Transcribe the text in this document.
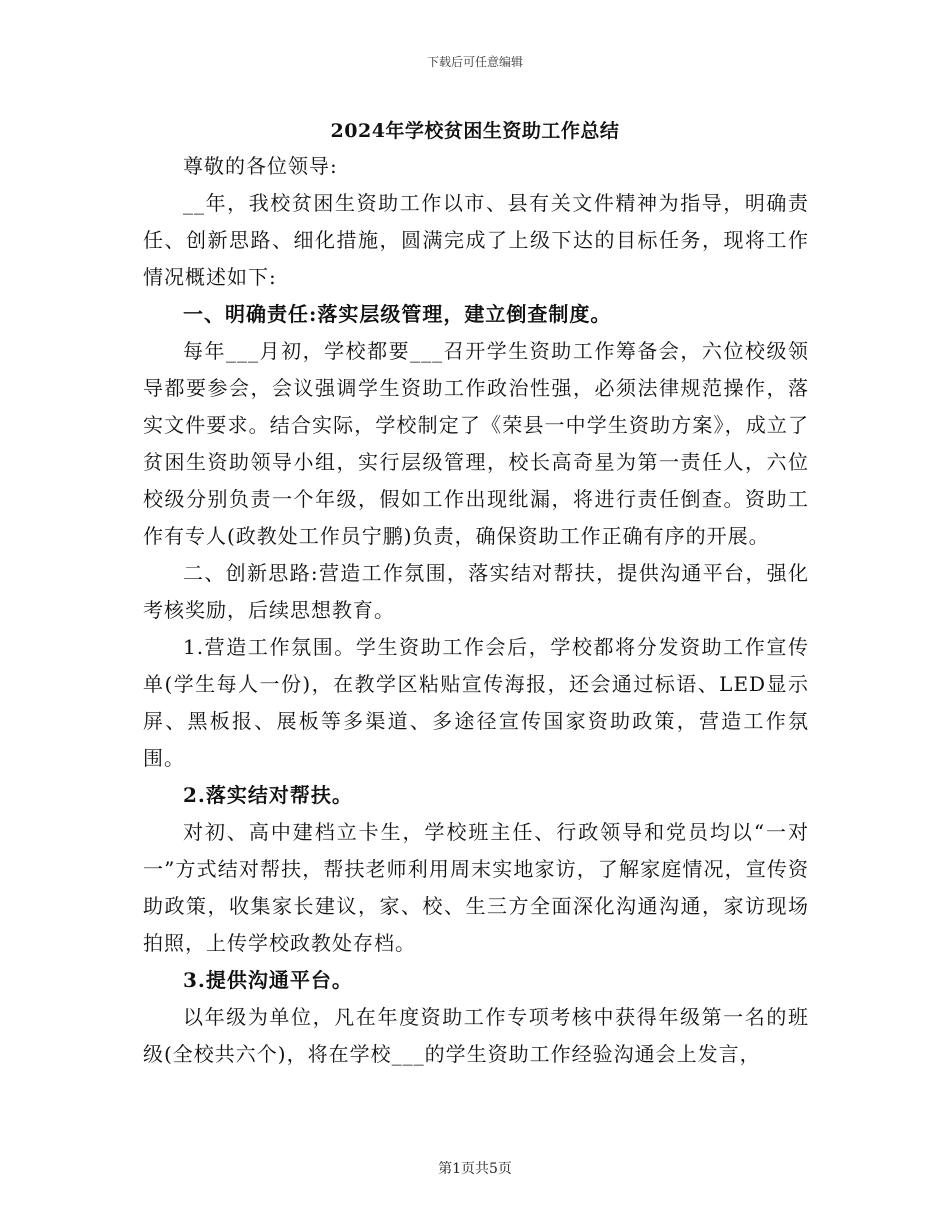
下载后可任意编辑
2024年学校贫困生资助工作总结

尊敬的各位领导:

__年，我校贫困生资助工作以市、县有关文件精神为指导，明确责任、创新思路、细化措施，圆满完成了上级下达的目标任务，现将工作情况概述如下:

一、明确责任:落实层级管理，建立倒查制度。

每年___月初，学校都要___召开学生资助工作筹备会，六位校级领导都要参会，会议强调学生资助工作政治性强，必须法律规范操作，落实文件要求。结合实际，学校制定了《荣县一中学生资助方案》，成立了贫困生资助领导小组，实行层级管理，校长高奇星为第一责任人，六位校级分别负责一个年级，假如工作出现纰漏，将进行责任倒查。资助工作有专人(政教处工作员宁鹏)负责，确保资助工作正确有序的开展。

二、创新思路:营造工作氛围，落实结对帮扶，提供沟通平台，强化考核奖励，后续思想教育。

1.营造工作氛围。学生资助工作会后，学校都将分发资助工作宣传单(学生每人一份)，在教学区粘贴宣传海报，还会通过标语、LED显示屏、黑板报、展板等多渠道、多途径宣传国家资助政策，营造工作氛围。

2.落实结对帮扶。

对初、高中建档立卡生，学校班主任、行政领导和党员均以“一对一”方式结对帮扶，帮扶老师利用周末实地家访，了解家庭情况，宣传资助政策，收集家长建议，家、校、生三方全面深化沟通沟通，家访现场拍照，上传学校政教处存档。

3.提供沟通平台。

以年级为单位，凡在年度资助工作专项考核中获得年级第一名的班级(全校共六个)，将在学校___的学生资助工作经验沟通会上发言，

第1页共5页
